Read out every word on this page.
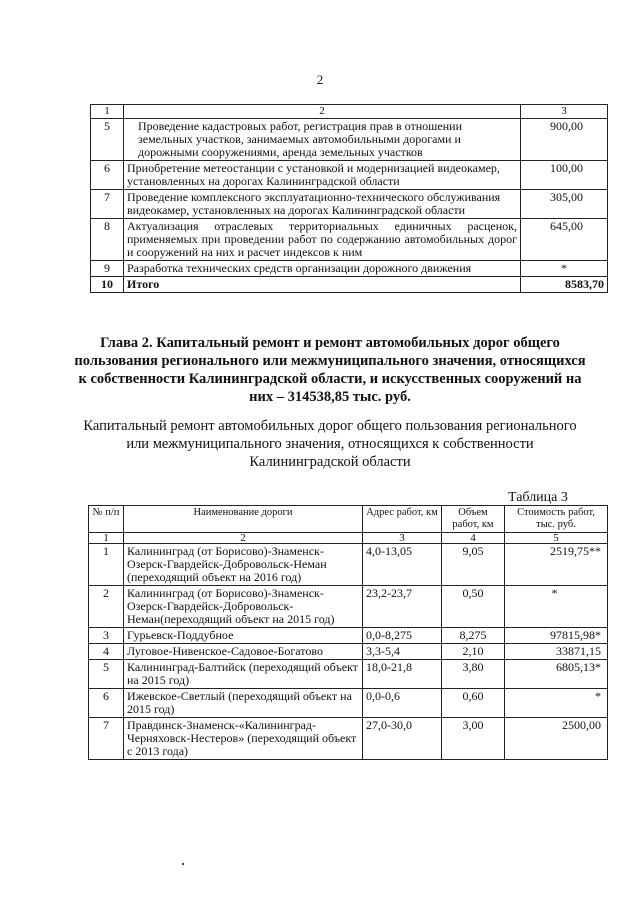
2
1	2	3
5	Проведение кадастровых работ, регистрация прав в отношении земельных участков, занимаемых автомобильными дорогами и дорожными сооружениями, аренда земельных участков	900,00
6	Приобретение метеостанции с установкой и модернизацией видеокамер, установленных на дорогах Калининградской области	100,00
7	Проведение комплексного эксплуатационно-технического обслуживания видеокамер, установленных на дорогах Калининградской области	305,00
8	Актуализация отраслевых территориальных единичных расценок, применяемых при проведении работ по содержанию автомобильных дорог и сооружений на них и расчет индексов к ним	645,00
9	Разработка технических средств организации дорожного движения	*
10	Итого	8583,70
Глава 2. Капитальный ремонт и ремонт автомобильных дорог общего пользования регионального или межмуниципального значения, относящихся к собственности Калининградской области, и искусственных сооружений на них – 314538,85 тыс. руб.
Капитальный ремонт автомобильных дорог общего пользования регионального или межмуниципального значения, относящихся к собственности Калининградской области
Таблица 3
№ п/п	Наименование дороги	Адрес работ, км	Объем работ, км	Стоимость работ, тыс. руб.
1	2	3	4	5
1	Калининград (от Борисово)-Знаменск-Озерск-Гвардейск-Добровольск-Неман (переходящий объект на 2016 год)	4,0-13,05	9,05	2519,75**
2	Калининград (от Борисово)-Знаменск-Озерск-Гвардейск-Добровольск-Неман(переходящий объект на 2015 год)	23,2-23,7	0,50	*
3	Гурьевск-Поддубное	0,0-8,275	8,275	97815,98*
4	Луговое-Нивенское-Садовое-Богатово	3,3-5,4	2,10	33871,15
5	Калининград-Балтийск (переходящий объект на 2015 год)	18,0-21,8	3,80	6805,13*
6	Ижевское-Светлый (переходящий объект на 2015 год)	0,0-0,6	0,60	*
7	Правдинск-Знаменск-«Калининград-Черняховск-Нестеров» (переходящий объект с 2013 года)	27,0-30,0	3,00	2500,00
